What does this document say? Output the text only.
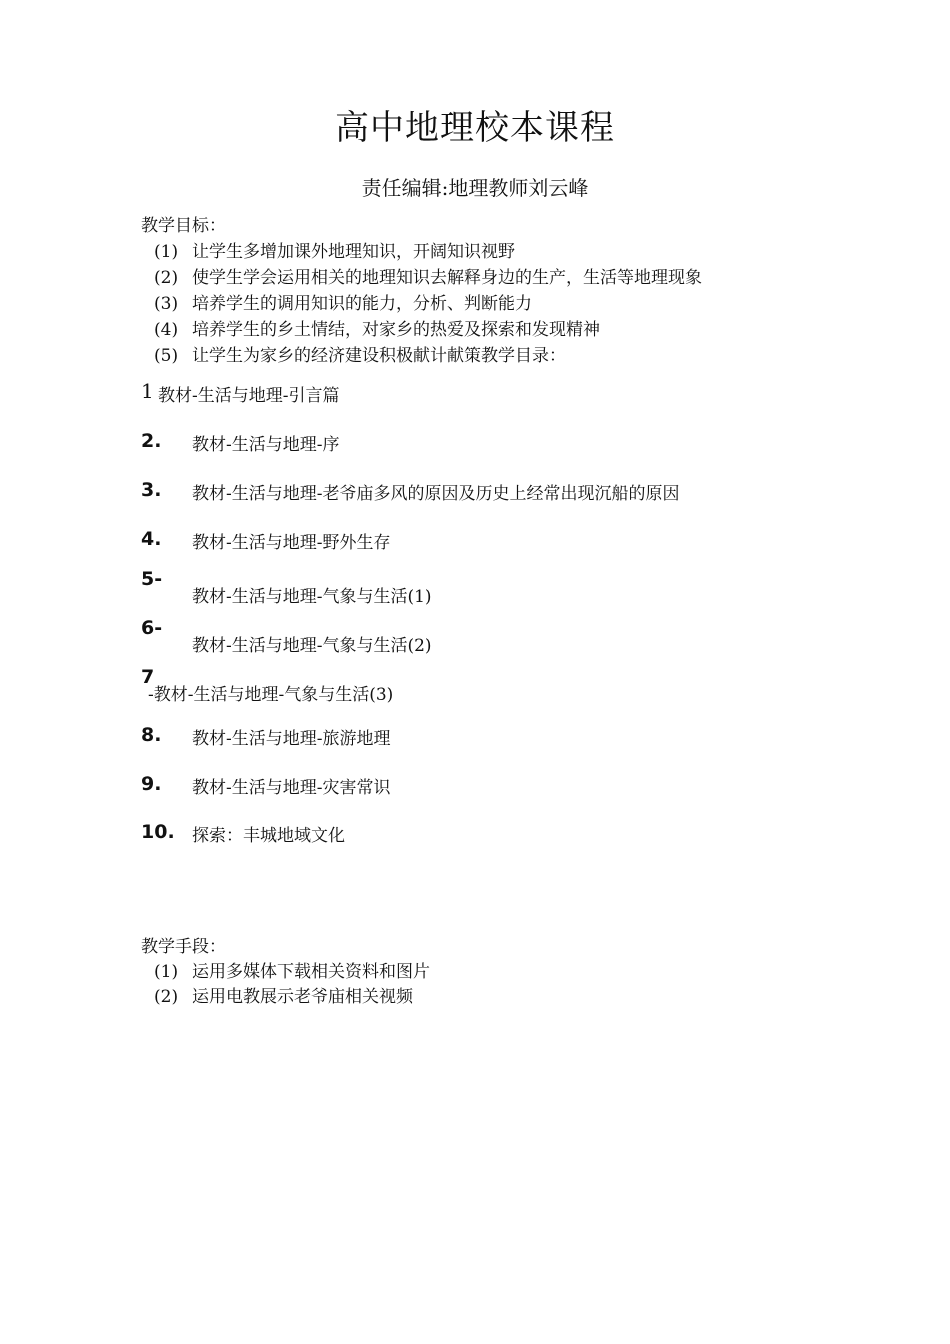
高中地理校本课程
责任编辑:地理教师刘云峰
教学目标：
(1) 让学生多增加课外地理知识，开阔知识视野
(2) 使学生学会运用相关的地理知识去解释身边的生产，生活等地理现象
(3) 培养学生的调用知识的能力，分析、判断能力
(4) 培养学生的乡土情结，对家乡的热爱及探索和发现精神
(5) 让学生为家乡的经济建设积极献计献策教学目录：
1 教材-生活与地理-引言篇
2. 教材-生活与地理-序
3. 教材-生活与地理-老爷庙多风的原因及历史上经常出现沉船的原因
4. 教材-生活与地理-野外生存
5-
教材-生活与地理-气象与生活(1)
6-
教材-生活与地理-气象与生活(2)
7
-教材-生活与地理-气象与生活(3)
8. 教材-生活与地理-旅游地理
9. 教材-生活与地理-灾害常识
10. 探索：丰城地域文化
教学手段：
(1) 运用多媒体下载相关资料和图片
(2) 运用电教展示老爷庙相关视频
